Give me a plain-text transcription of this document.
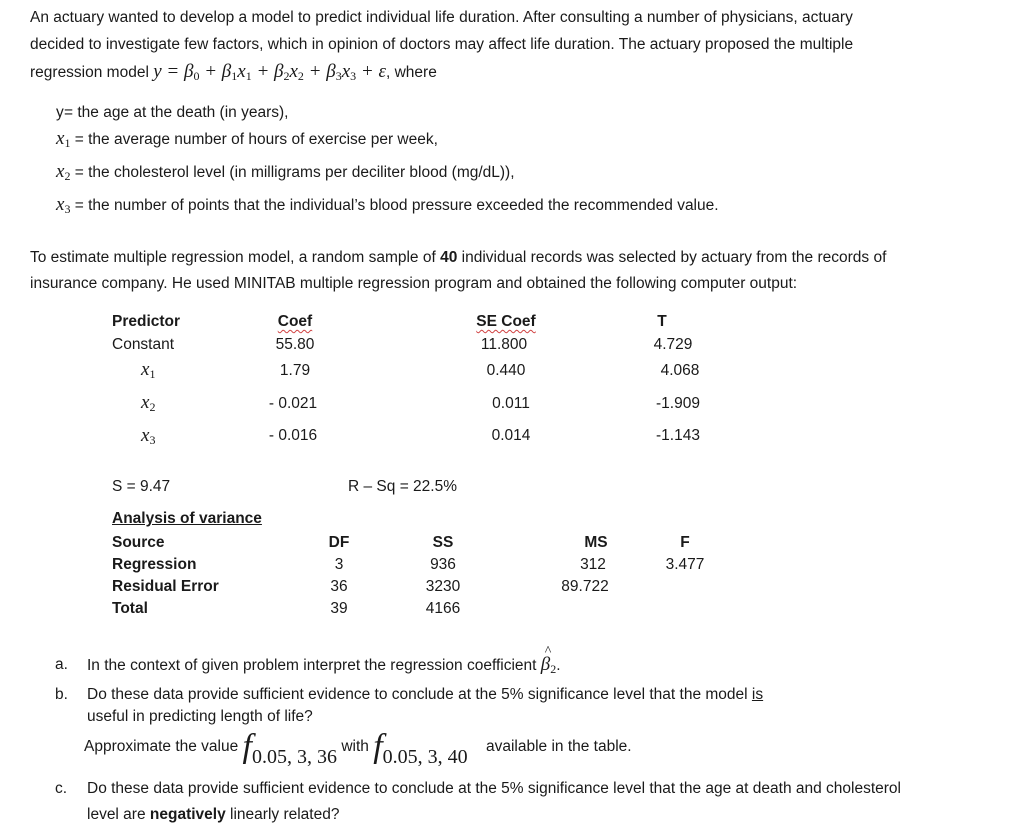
An actuary wanted to develop a model to predict individual life duration. After consulting a number of physicians, actuary
decided to investigate few factors, which in opinion of doctors may affect life duration. The actuary proposed the multiple
regression model $y = \beta_0 + \beta_1x_1 + \beta_2x_2 + \beta_3x_3 + \varepsilon$, where
= the age at the death (in years),
y
$x_1$ = the average number of hours of exercise per week,
$x_2$ = the cholesterol level (in milligrams per deciliter blood (mg/dL)),
$x_3$ = the number of points that the individual’s blood pressure exceeded the recommended value.
To estimate multiple regression model, a random sample of 40 individual records was selected by actuary from the records of
insurance company. He used MINITAB multiple regression program and obtained the following computer output:
Predictor	Coef	SE Coef	T
Constant	55.80	11.800	4.729
$x_1$	1.79	0.440	4.068
$x_2$	- 0.021	0.011	-1.909
$x_3$	- 0.016	0.014	-1.143
S = 9.47	R – Sq = 22.5%
Analysis of variance
Source	DF	SS	MS	F
Regression	3	936	312	3.477
Residual Error	36	3230	89.722
Total	39	4166
a. In the context of given problem interpret the regression coefficient β
^
$_2$.
b. Do these data provide sufficient evidence to conclude at the 5% significance level that the model is
useful in predicting length of life?
Approximate the value f0.05, 3, 36 with f0.05, 3, 40 available in the table.
c. Do these data provide sufficient evidence to conclude at the 5% significance level that the age at death and cholesterol
level are negatively linearly related?
